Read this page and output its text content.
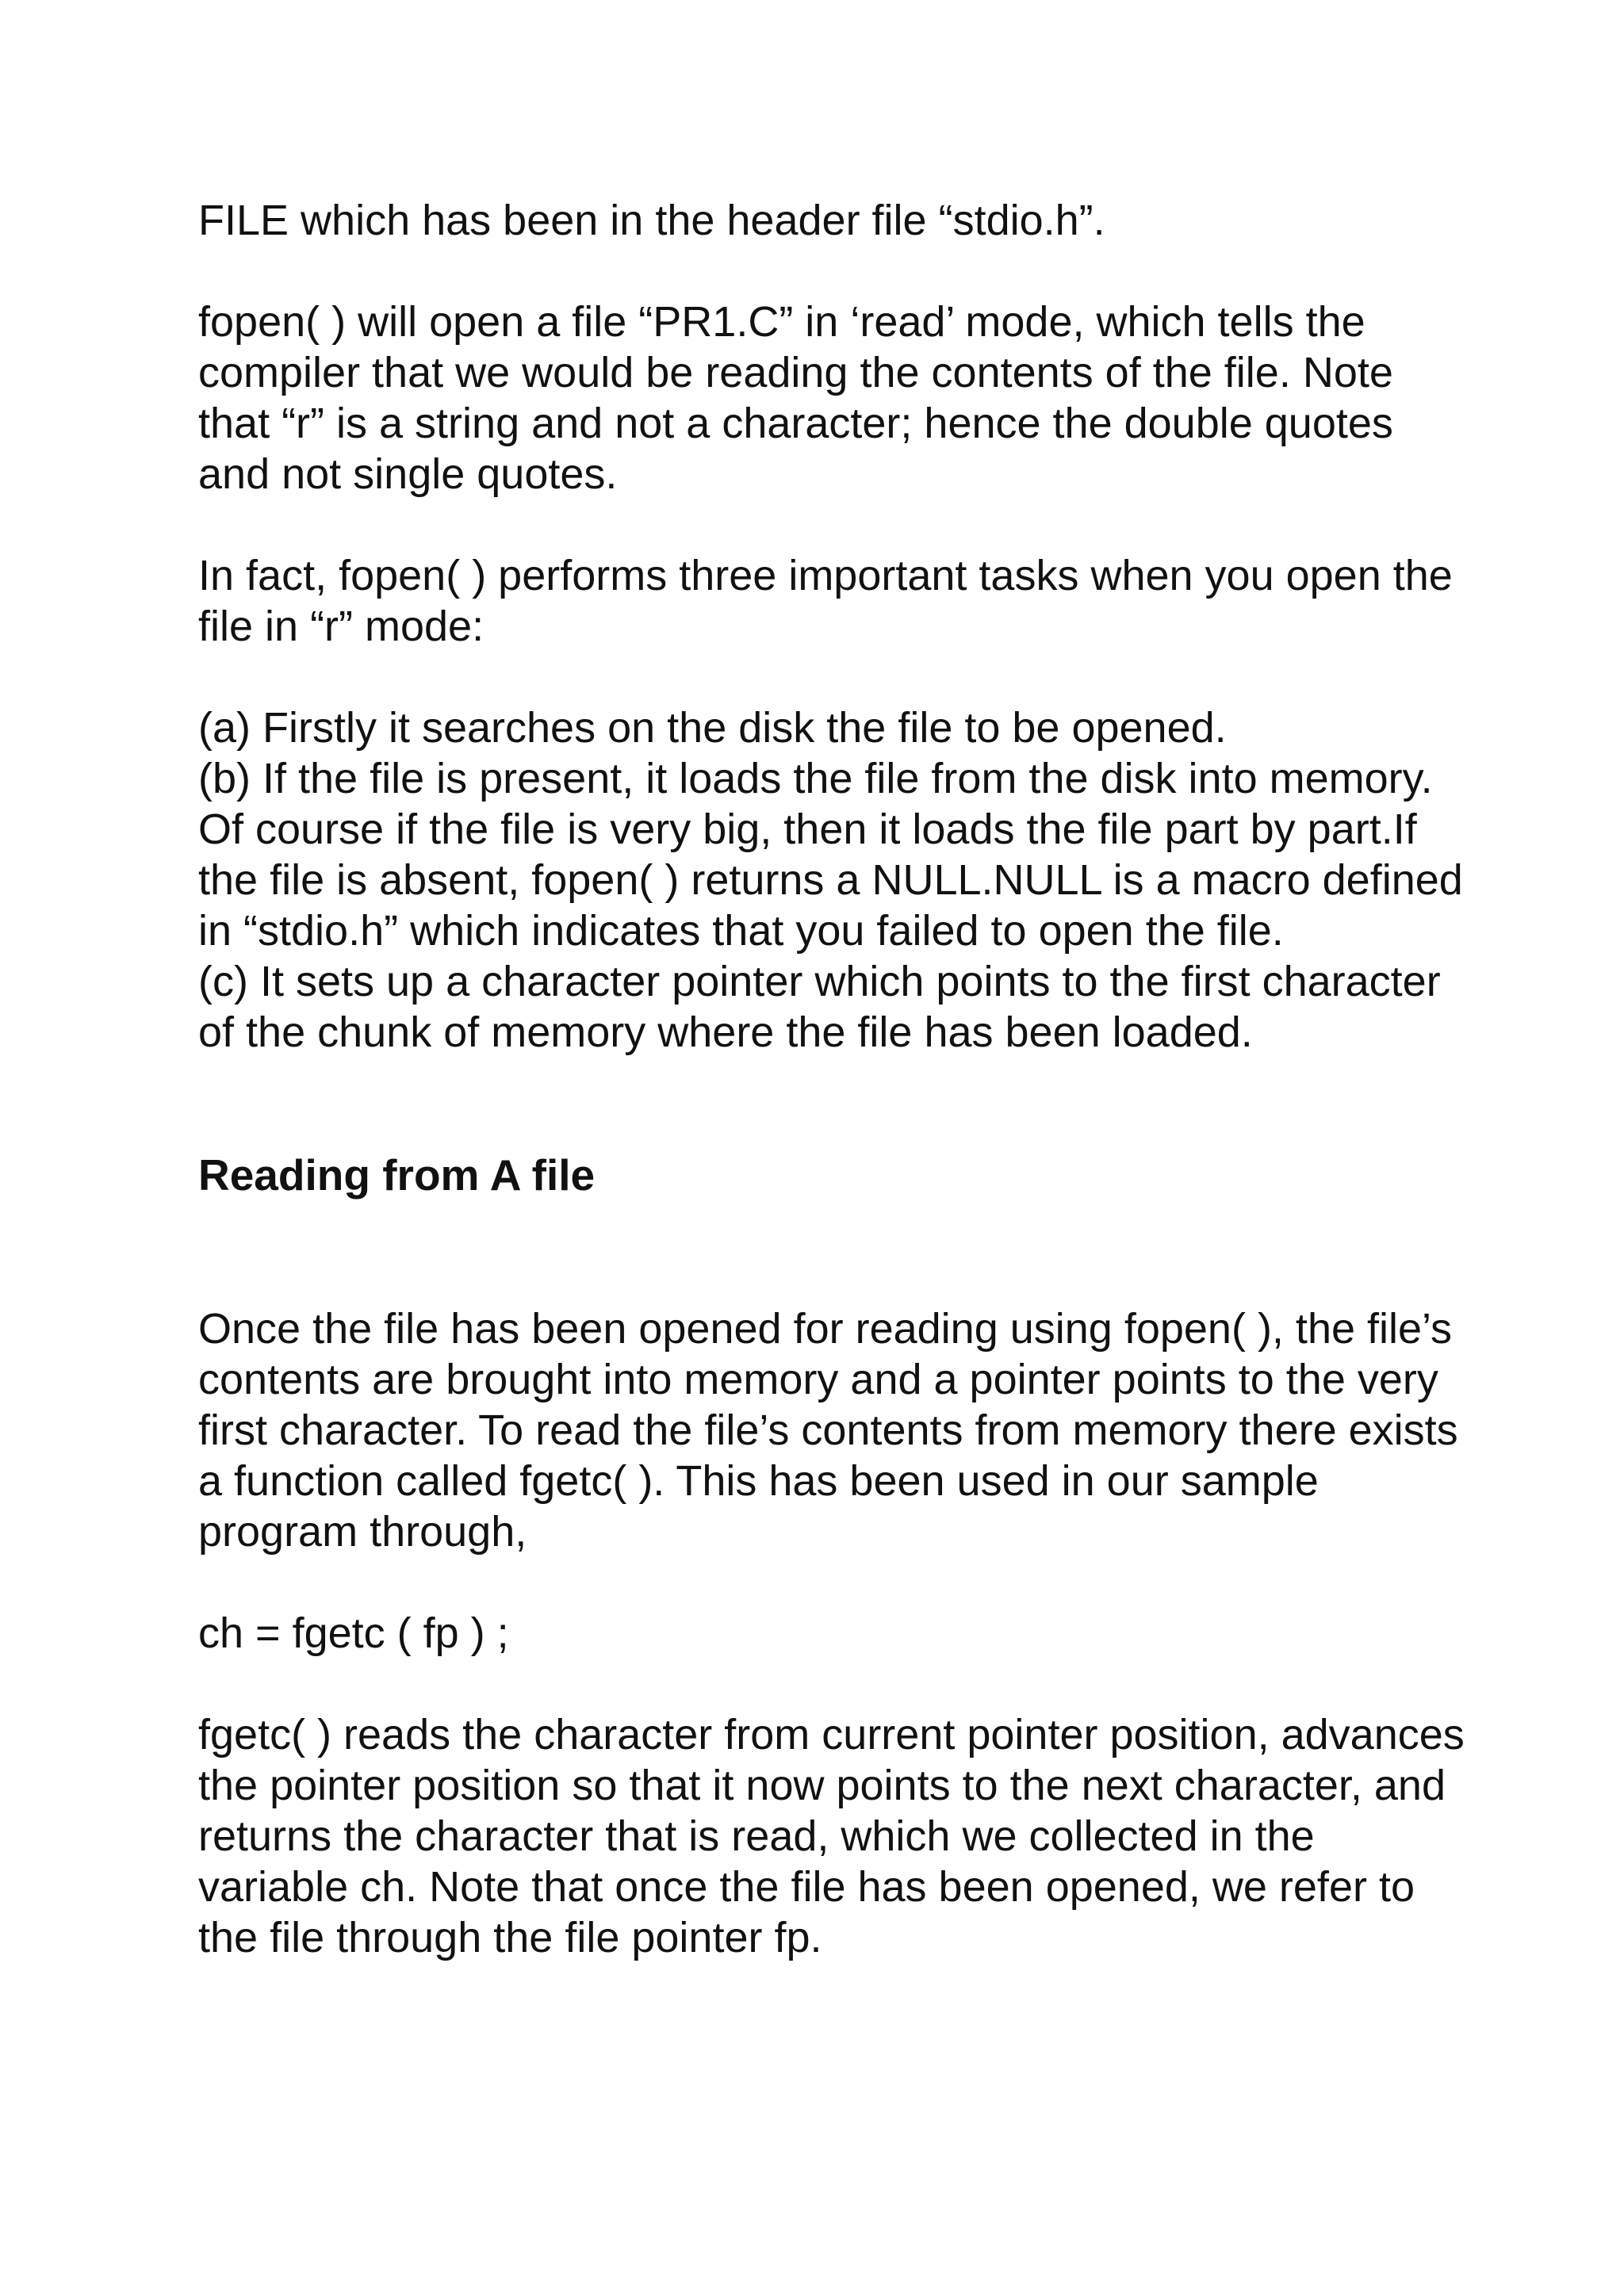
FILE which has been in the header file “stdio.h”.

fopen( ) will open a file “PR1.C” in ‘read’ mode, which tells the compiler that we would be reading the contents of the file. Note that “r” is a string and not a character; hence the double quotes and not single quotes.

In fact, fopen( ) performs three important tasks when you open the file in “r” mode:

(a) Firstly it searches on the disk the file to be opened.

(b) If the file is present, it loads the file from the disk into memory. Of course if the file is very big, then it loads the file part by part.If the file is absent, fopen( ) returns a NULL.NULL is a macro defined in “stdio.h” which indicates that you failed to open the file.

(c) It sets up a character pointer which points to the first character of the chunk of memory where the file has been loaded.

Reading from A file

Once the file has been opened for reading using fopen( ), the file’s contents are brought into memory and a pointer points to the very first character. To read the file’s contents from memory there exists a function called fgetc( ). This has been used in our sample program through,

ch = fgetc ( fp ) ;

fgetc( ) reads the character from current pointer position, advances the pointer position so that it now points to the next character, and returns the character that is read, which we collected in the variable ch. Note that once the file has been opened, we refer to the file through the file pointer fp.
